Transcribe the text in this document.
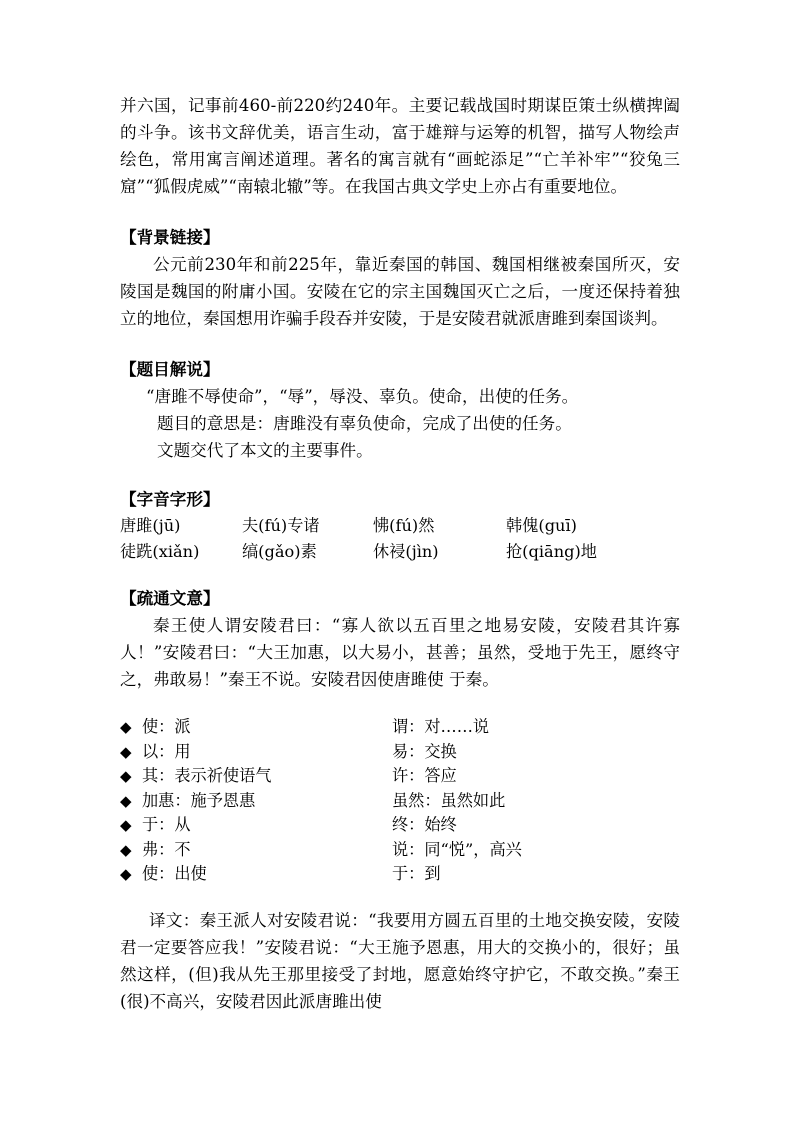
并六国，记事前460-前220约240年。主要记载战国时期谋臣策士纵横捭阖的斗争。该书文辞优美，语言生动，富于雄辩与运筹的机智，描写人物绘声绘色，常用寓言阐述道理。著名的寓言就有“画蛇添足”“亡羊补牢”“狡兔三窟”“狐假虎威”“南辕北辙”等。在我国古典文学史上亦占有重要地位。

【背景链接】

公元前230年和前225年，靠近秦国的韩国、魏国相继被秦国所灭，安陵国是魏国的附庸小国。安陵在它的宗主国魏国灭亡之后，一度还保持着独立的地位，秦国想用诈骗手段吞并安陵，于是安陵君就派唐雎到秦国谈判。

【题目解说】

“唐雎不辱使命”，“辱”，辱没、辜负。使命，出使的任务。

题目的意思是：唐雎没有辜负使命，完成了出使的任务。

文题交代了本文的主要事件。

【字音字形】
唐雎(jū)	夫(fú)专诸	怫(fú)然	韩傀(guī)
徒跣(xiǎn)	缟(gǎo)素	休祲(jìn)	抢(qiāng)地
【疏通文意】

秦王使人谓安陵君曰：“寡人欲以五百里之地易安陵，安陵君其许寡人！”安陵君曰：“大王加惠，以大易小，甚善；虽然，受地于先王，愿终守之，弗敢易！”秦王不说。安陵君因使唐雎使 于秦。

◆ 使：派	谓：对……说
◆ 以：用	易：交换
◆ 其：表示祈使语气	许：答应
◆ 加惠：施予恩惠	虽然：虽然如此
◆ 于：从	终：始终
◆ 弗：不	说：同“悦”，高兴
◆ 使：出使	于：到

译文：秦王派人对安陵君说：“我要用方圆五百里的土地交换安陵，安陵君一定要答应我！”安陵君说：“大王施予恩惠，用大的交换小的，很好；虽然这样，(但)我从先王那里接受了封地，愿意始终守护它，不敢交换。”秦王(很)不高兴，安陵君因此派唐雎出使
